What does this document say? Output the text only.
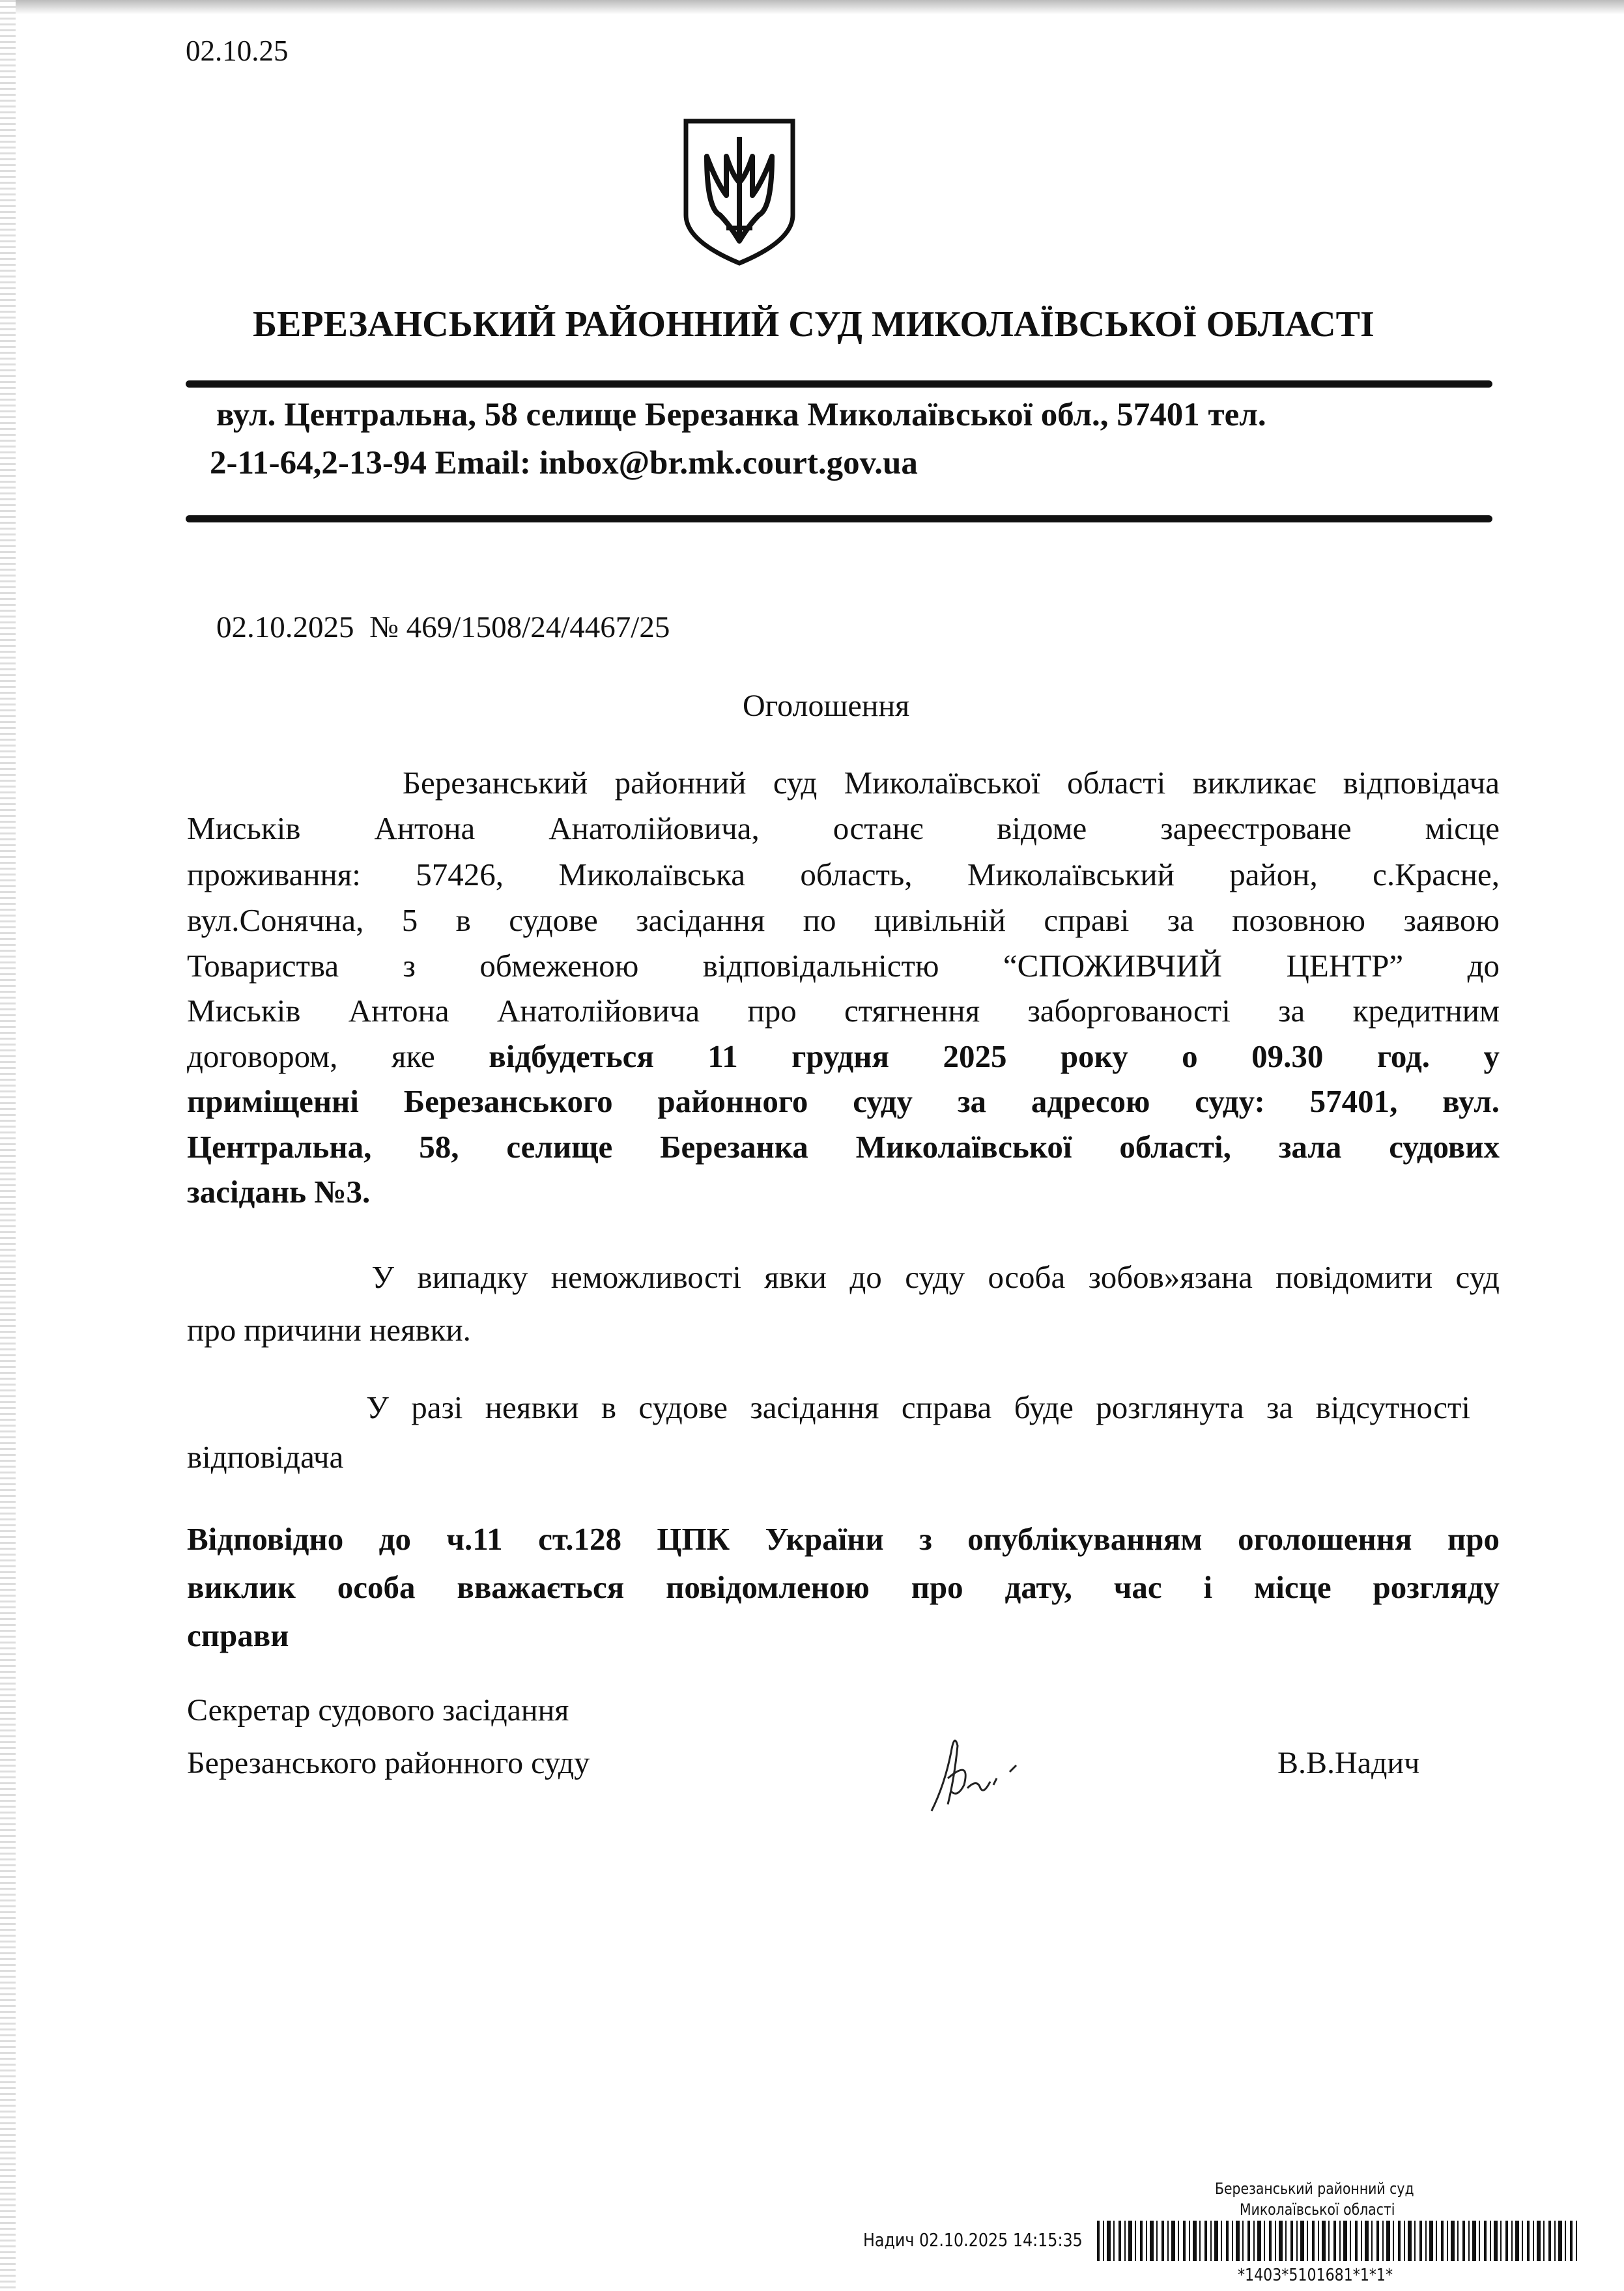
02.10.25
БЕРЕЗАНСЬКИЙ РАЙОННИЙ СУД МИКОЛАЇВСЬКОЇ ОБЛАСТІ
вул. Центральна, 58 селище Березанка Миколаївської обл., 57401 тел.
2-11-64,2-13-94 Email: inbox@br.mk.court.gov.ua
02.10.2025  № 469/1508/24/4467/25
Оголошення
Березанський районний суд Миколаївської області викликає відповідача
Миськів Антона Анатолійовича, останє відоме зареєстроване місце
проживання: 57426, Миколаївська область, Миколаївський район, с.Красне,
вул.Сонячна, 5 в судове засідання по цивільній справі за позовною заявою
Товариства з обмеженою відповідальністю “СПОЖИВЧИЙ ЦЕНТР” до
Миськів Антона Анатолійовича про стягнення заборгованості за кредитним
договором, яке відбудеться 11 грудня 2025 року о 09.30 год. у
приміщенні Березанського районного суду за адресою суду: 57401, вул.
Центральна, 58, селище Березанка Миколаївської області, зала судових
засідань №3.
У випадку неможливості явки до суду особа зобов»язана повідомити суд
про причини неявки.
У разі неявки в судове засідання справа буде розглянута за відсутності
відповідача
Відповідно до ч.11 ст.128 ЦПК України з опублікуванням оголошення про
виклик особа вважається повідомленою про дату, час і місце розгляду
справи
Секретар судового засідання
Березанського районного суду	В.В.Надич
Березанський районний суд
Миколаївської області
Надич 02.10.2025 14:15:35
*1403*5101681*1*1*
